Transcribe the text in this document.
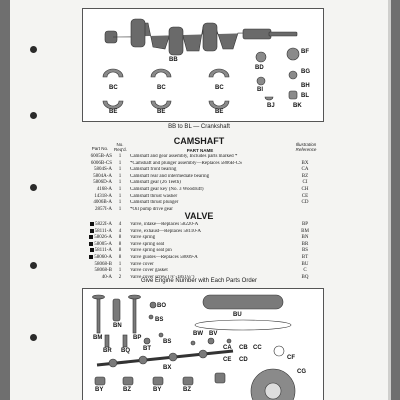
BB
BC	BC	BC
BE	BE	BE
BD
BI
BJ	BK
BF
BG
BH
BL
BB to BL — Crankshaft
CAMSHAFT
Part No.
No. Req'd.	PART NAME
Illustration Reference
6005B-AS	1	Camshaft and gear assembly, Includes parts marked *
6006B-CS	1	*Camshaft and plunger assembly—Replaces 5806B-CS	BX
5804S-A	1	Camshaft front bearing	CA
5804A-A	1	Camshaft rear and intermediate bearing	BZ
5806D-A	1	Camshaft gear (26 Teeth)	CI
4168-A	1	Camshaft gear key (No. 3 Woodruff)	CH
14318-A	1	Camshaft thrust washer	CE
4006B-A	1	Camshaft thrust plunger	CD
2857I-A	1	*Oil pump drive gear
VALVE
5822I-A	4	Valve, intake—Replaces 58220-A	BP
58111-A	4	Valve, exhaust—Replaces 58110-A	BM
58026-A	8	Valve spring	BN
58005-A	8	Valve spring seat	BR
58111-A	8	Valve spring seat pin	BS
58060-A	8	Valve guides—Replaces 58009-A	BT
58068-B	1	Valve cover	BU
58068-B	1	Valve cover gasket	C
40-A	2	Valve cover screw (⅞"-18x1¼")	BQ
Give Engine Number with Each Parts Order
BM
BN
BP
BO
BS
BR BQ BT
BS
BU
BW BV
BX
CA CB CC
CE CD	CF
BY	BZ	BY	BZ
CG
